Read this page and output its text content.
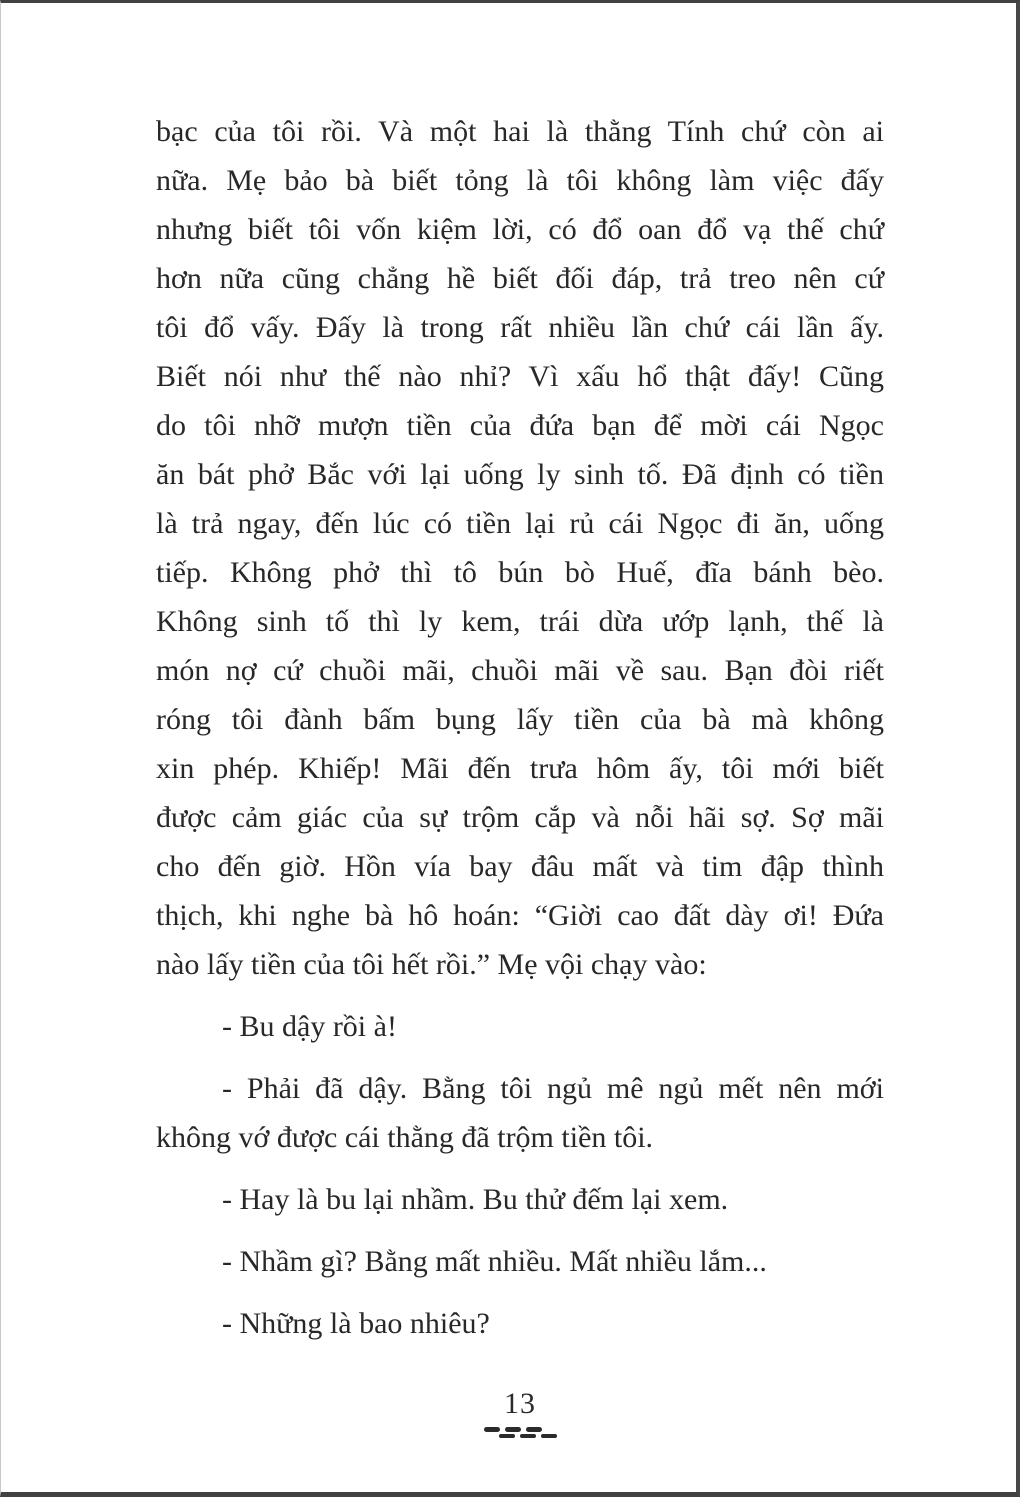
bạc của tôi rồi. Và một hai là thằng Tính chứ còn ai
nữa. Mẹ bảo bà biết tỏng là tôi không làm việc đấy
nhưng biết tôi vốn kiệm lời, có đổ oan đổ vạ thế chứ
hơn nữa cũng chẳng hề biết đối đáp, trả treo nên cứ
tôi đổ vấy. Đấy là trong rất nhiều lần chứ cái lần ấy.
Biết nói như thế nào nhỉ? Vì xấu hổ thật đấy! Cũng
do tôi nhỡ mượn tiền của đứa bạn để mời cái Ngọc
ăn bát phở Bắc với lại uống ly sinh tố. Đã định có tiền
là trả ngay, đến lúc có tiền lại rủ cái Ngọc đi ăn, uống
tiếp. Không phở thì tô bún bò Huế, đĩa bánh bèo.
Không sinh tố thì ly kem, trái dừa ướp lạnh, thế là
món nợ cứ chuồi mãi, chuồi mãi về sau. Bạn đòi riết
róng tôi đành bấm bụng lấy tiền của bà mà không
xin phép. Khiếp! Mãi đến trưa hôm ấy, tôi mới biết
được cảm giác của sự trộm cắp và nỗi hãi sợ. Sợ mãi
cho đến giờ. Hồn vía bay đâu mất và tim đập thình
thịch, khi nghe bà hô hoán: “Giời cao đất dày ơi! Đứa
nào lấy tiền của tôi hết rồi.” Mẹ vội chạy vào:

- Bu dậy rồi à!

- Phải đã dậy. Bằng tôi ngủ mê ngủ mết nên mới
không vớ được cái thằng đã trộm tiền tôi.

- Hay là bu lại nhầm. Bu thử đếm lại xem.

- Nhầm gì? Bằng mất nhiều. Mất nhiều lắm...

- Những là bao nhiêu?

13
